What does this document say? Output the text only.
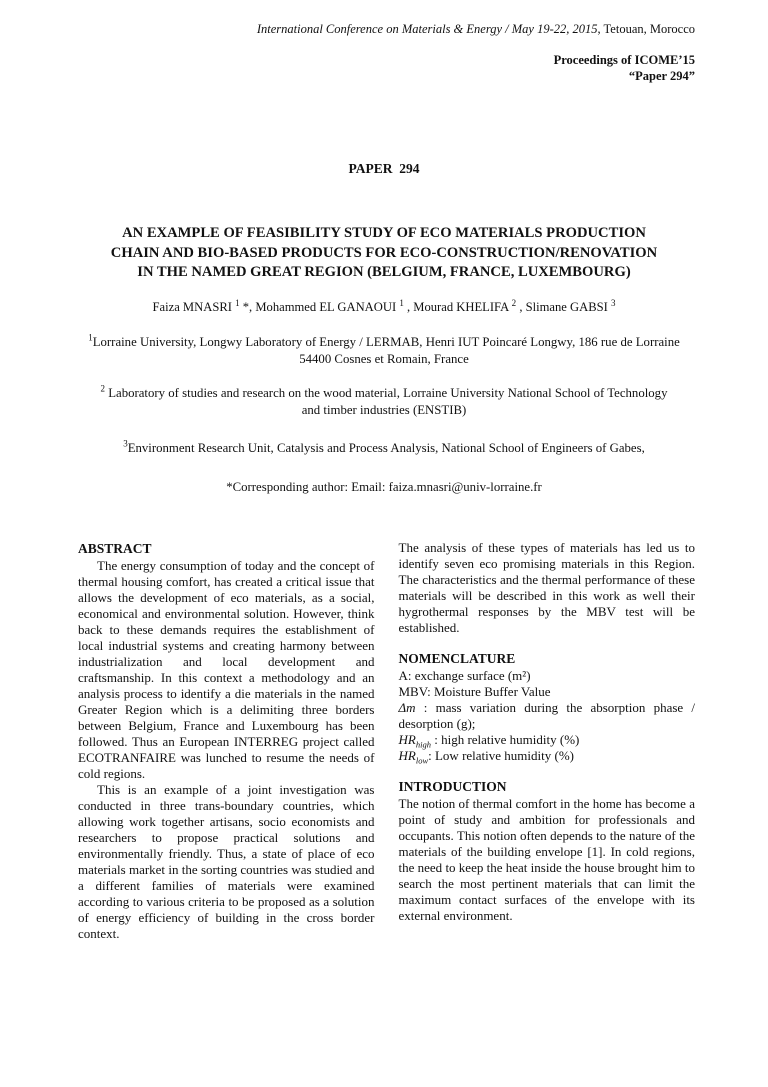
International Conference on Materials & Energy / May 19-22, 2015, Tetouan, Morocco
Proceedings of ICOME’15
“Paper 294”
PAPER  294
AN EXAMPLE OF FEASIBILITY STUDY OF ECO MATERIALS PRODUCTION
CHAIN AND BIO-BASED PRODUCTS FOR ECO-CONSTRUCTION/RENOVATION
IN THE NAMED GREAT REGION (BELGIUM, FRANCE, LUXEMBOURG)

Faiza MNASRI $^1$ *, Mohammed EL GANAOUI $^1$ , Mourad KHELIFA $^2$ , Slimane GABSI $^3$

$^1$Lorraine University, Longwy Laboratory of Energy / LERMAB, Henri IUT Poincaré Longwy, 186 rue de Lorraine 54400 Cosnes et Romain, France

$^2$ Laboratory of studies and research on the wood material, Lorraine University National School of Technology and timber industries (ENSTIB)

$^3$Environment Research Unit, Catalysis and Process Analysis, National School of Engineers of Gabes,

*Corresponding author: Email: faiza.mnasri@univ-lorraine.fr

ABSTRACT

The energy consumption of today and the concept of thermal housing comfort, has created a critical issue that allows the development of eco materials, as a social, economical and environmental solution. However, think back to these demands requires the establishment of local industrial systems and creating harmony between industrialization and local development and craftsmanship. In this context a methodology and an analysis process to identify a die materials in the named Greater Region which is a delimiting three borders between Belgium, France and Luxembourg has been followed. Thus an European INTERREG project called ECOTRANFAIRE was lunched to resume the needs of cold regions.

This is an example of a joint investigation was conducted in three trans-boundary countries, which allowing work together artisans, socio economists and researchers to propose practical solutions and environmentally friendly. Thus, a state of place of eco materials market in the sorting countries was studied and a different families of materials were examined according to various criteria to be proposed as a solution of energy efficiency of building in the cross border context.

The analysis of these types of materials has led us to identify seven eco promising materials in this Region. The characteristics and the thermal performance of these materials will be described in this work as well their hygrothermal responses by the MBV test will be established.

NOMENCLATURE

A: exchange surface (m²)

MBV: Moisture Buffer Value

Δm : mass variation during the absorption phase / desorption (g);

$HR_{high}$ : high relative humidity (%)

$HR_{low}$: Low relative humidity (%)

INTRODUCTION

The notion of thermal comfort in the home has become a point of study and ambition for professionals and occupants. This notion often depends to the nature of the materials of the building envelope [1]. In cold regions, the need to keep the heat inside the house brought him to search the most pertinent materials that can limit the maximum contact surfaces of the envelope with its external environment.
